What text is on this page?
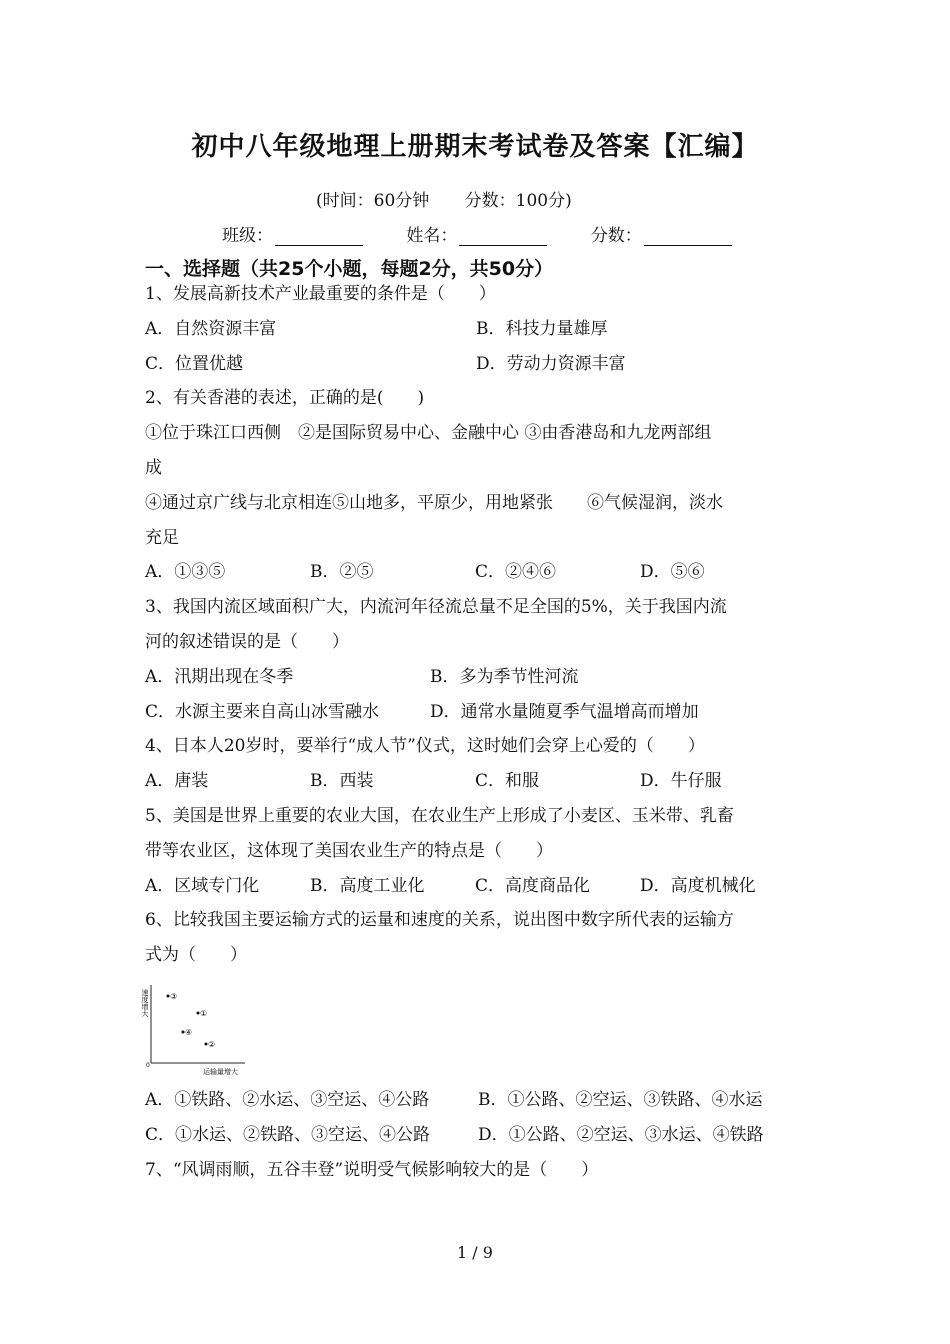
初中八年级地理上册期末考试卷及答案【汇编】
(时间：60分钟 分数：100分)
班级：	姓名：	分数：
一、选择题（共25个小题，每题2分，共50分）
1、发展高新技术产业最重要的条件是（　　）
A．自然资源丰富	B．科技力量雄厚
C．位置优越	D．劳动力资源丰富
2、有关香港的表述，正确的是(　　)
①位于珠江口西侧　②是国际贸易中心、金融中心 ③由香港岛和九龙两部组
成
④通过京广线与北京相连⑤山地多，平原少，用地紧张　　⑥气候湿润，淡水
充足
A．①③⑤	B．②⑤	C．②④⑥	D．⑤⑥
3、我国内流区域面积广大，内流河年径流总量不足全国的5%，关于我国内流
河的叙述错误的是（　　）
A．汛期出现在冬季	B．多为季节性河流
C．水源主要来自高山冰雪融水	D．通常水量随夏季气温增高而增加
4、日本人20岁时，要举行“成人节”仪式，这时她们会穿上心爱的（　　）
A．唐装	B．西装	C．和服	D．牛仔服
5、美国是世界上重要的农业大国，在农业生产上形成了小麦区、玉米带、乳畜
带等农业区，这体现了美国农业生产的特点是（　　）
A．区域专门化	B．高度工业化	C．高度商品化	D．高度机械化
6、比较我国主要运输方式的运量和速度的关系，说出图中数字所代表的运输方
式为（　　）
速度增大
运输量增大
0
③
①
④
②
A．①铁路、②水运、③空运、④公路	B．①公路、②空运、③铁路、④水运
C．①水运、②铁路、③空运、④公路	D．①公路、②空运、③水运、④铁路
7、“风调雨顺，五谷丰登”说明受气候影响较大的是（　　）
1 / 9
